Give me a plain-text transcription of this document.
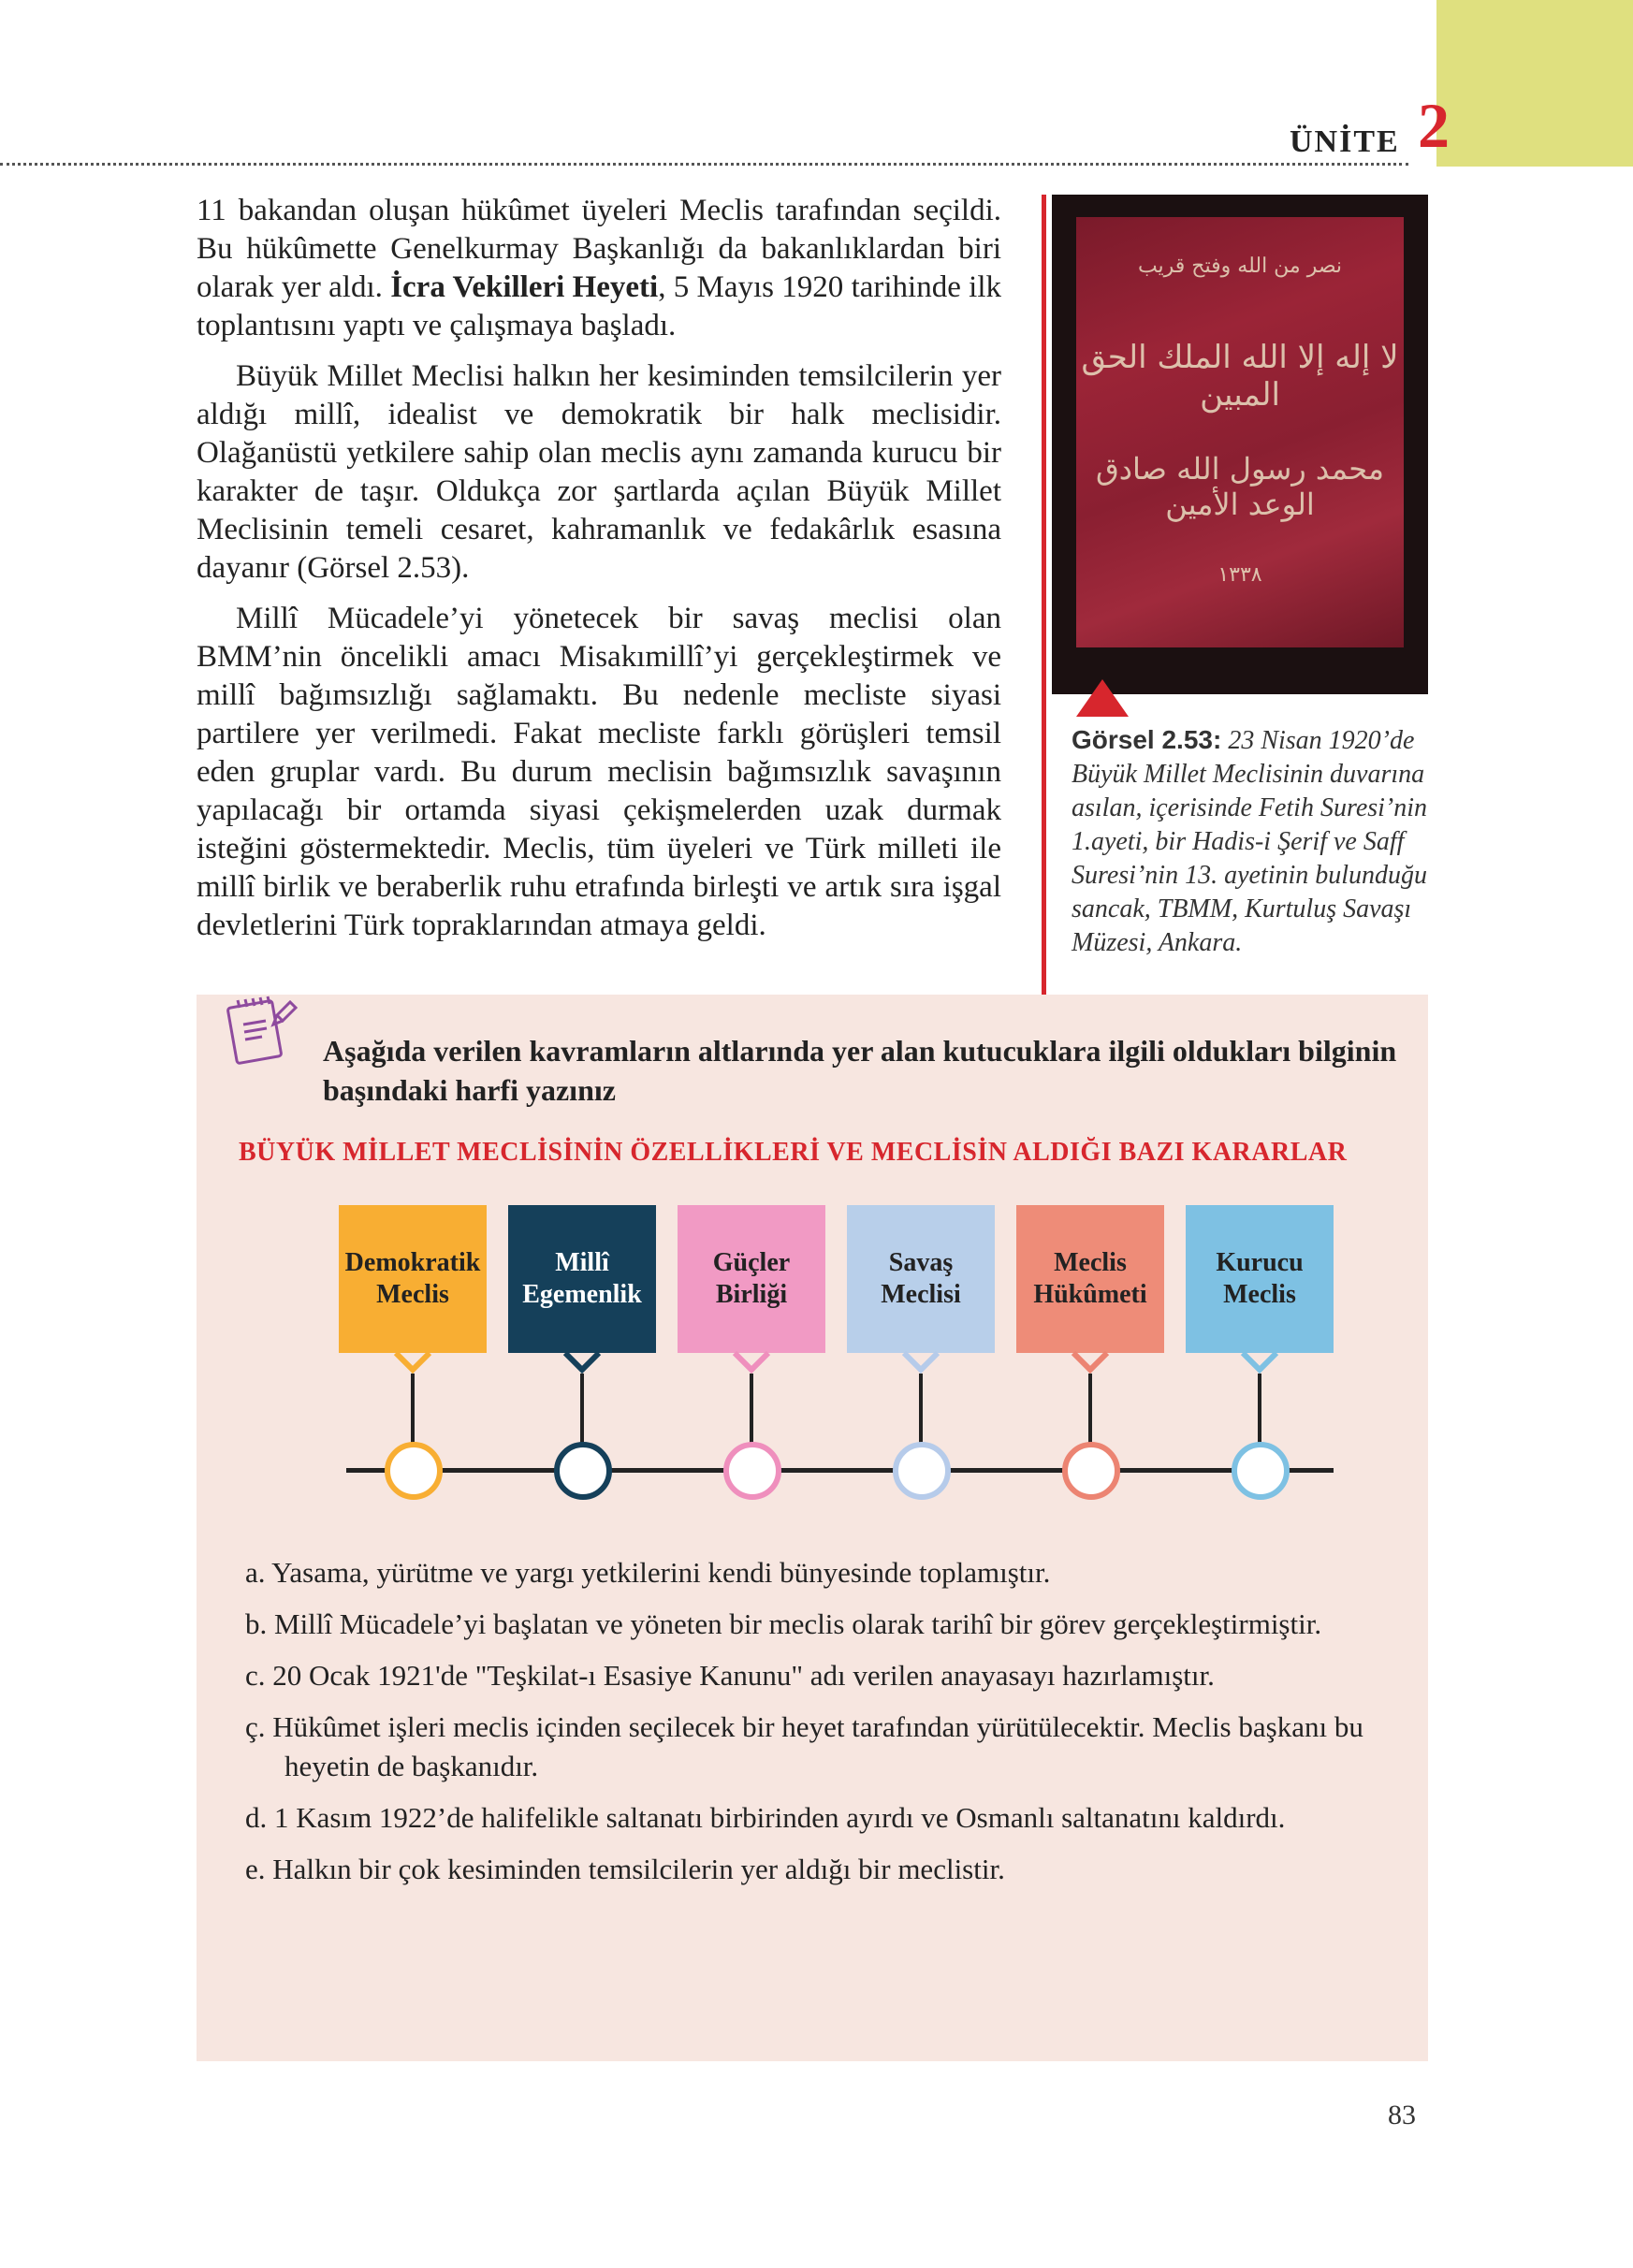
ÜNİTE 2

11 bakandan oluşan hükûmet üyeleri Meclis tarafından seçildi. Bu hükûmette Genelkurmay Başkanlığı da bakanlıklardan biri olarak yer aldı. İcra Vekilleri Heyeti, 5 Mayıs 1920 tarihinde ilk toplantısını yaptı ve çalışmaya başladı.

Büyük Millet Meclisi halkın her kesiminden temsilcilerin yer aldığı millî, idealist ve demokratik bir halk meclisidir. Olağanüstü yetkilere sahip olan meclis aynı zamanda kurucu bir karakter de taşır. Oldukça zor şartlarda açılan Büyük Millet Meclisinin temeli cesaret, kahramanlık ve fedakârlık esasına dayanır (Görsel 2.53).

Millî Mücadele’yi yönetecek bir savaş meclisi olan BMM’nin öncelikli amacı Misakımillî’yi gerçekleştirmek ve millî bağımsızlığı sağlamaktı. Bu nedenle mecliste siyasi partilere yer verilmedi. Fakat mecliste farklı görüşleri temsil eden gruplar vardı. Bu durum meclisin bağımsızlık savaşının yapılacağı bir ortamda siyasi çekişmelerden uzak durmak isteğini göstermektedir. Meclis, tüm üyeleri ve Türk milleti ile millî birlik ve beraberlik ruhu etrafında birleşti ve artık sıra işgal devletlerini Türk topraklarından atmaya geldi.

نصر من الله وفتح قريب
لا إله إلا الله الملك الحق المبين
محمد رسول الله صادق الوعد الأمين
١٣٣٨
Görsel 2.53: 23 Nisan 1920’de Büyük Millet Meclisinin duvarına asılan, içerisinde Fetih Suresi’nin 1.ayeti, bir Hadis-i Şerif ve Saff Suresi’nin 13. ayetinin bulunduğu sancak, TBMM, Kurtuluş Savaşı Müzesi, Ankara.
Aşağıda verilen kavramların altlarında yer alan kutucuklara ilgili oldukları bilginin başındaki harfi yazınız
BÜYÜK MİLLET MECLİSİNİN ÖZELLİKLERİ VE MECLİSİN ALDIĞI BAZI KARARLAR
Demokratik
Meclis
Millî
Egemenlik
Güçler
Birliği
Savaş
Meclisi
Meclis
Hükûmeti
Kurucu
Meclis
a. Yasama, yürütme ve yargı yetkilerini kendi bünyesinde toplamıştır.
b. Millî Mücadele’yi başlatan ve yöneten bir meclis olarak tarihî bir görev gerçekleştirmiştir.
c. 20 Ocak 1921'de "Teşkilat-ı Esasiye Kanunu" adı verilen anayasayı hazırlamıştır.
ç. Hükûmet işleri meclis içinden seçilecek bir heyet tarafından yürütülecektir. Meclis başkanı bu heyetin de başkanıdır.
d. 1 Kasım 1922’de halifelikle saltanatı birbirinden ayırdı ve Osmanlı saltanatını kaldırdı.
e. Halkın bir çok kesiminden temsilcilerin yer aldığı bir meclistir.
83
